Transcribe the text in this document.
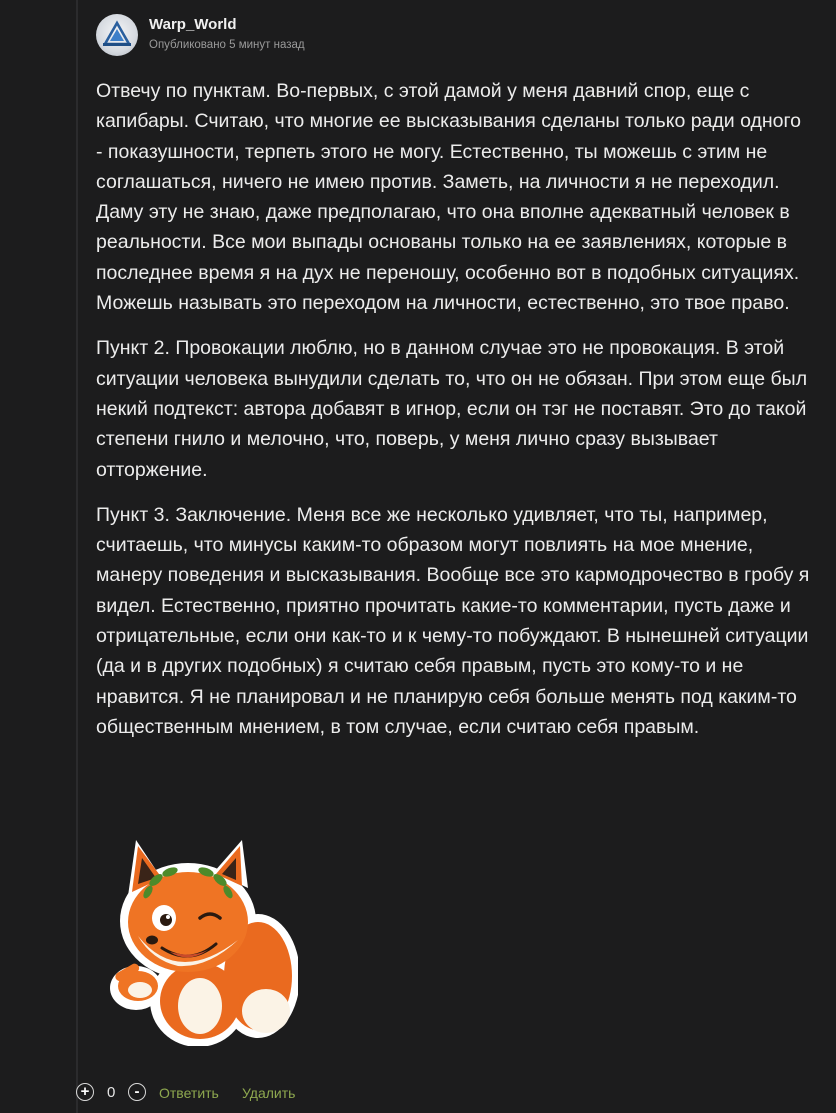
Warp_World
Опубликовано 5 минут назад

Отвечу по пунктам. Во-первых, с этой дамой у меня давний спор, еще с капибары. Считаю, что многие ее высказывания сделаны только ради одного - показушности, терпеть этого не могу. Естественно, ты можешь с этим не соглашаться, ничего не имею против. Заметь, на личности я не переходил. Даму эту не знаю, даже предполагаю, что она вполне адекватный человек в реальности. Все мои выпады основаны только на ее заявлениях, которые в последнее время я на дух не переношу, особенно вот в подобных ситуациях. Можешь называть это переходом на личности, естественно, это твое право.

Пункт 2. Провокации люблю, но в данном случае это не провокация. В этой ситуации человека вынудили сделать то, что он не обязан. При этом еще был некий подтекст: автора добавят в игнор, если он тэг не поставят. Это до такой степени гнило и мелочно, что, поверь, у меня лично сразу вызывает отторжение.

Пункт 3. Заключение. Меня все же несколько удивляет, что ты, например, считаешь, что минусы каким-то образом могут повлиять на мое мнение, манеру поведения и высказывания. Вообще все это кармодрочество в гробу я видел. Естественно, приятно прочитать какие-то комментарии, пусть даже и отрицательные, если они как-то и к чему-то побуждают. В нынешней ситуации (да и в других подобных) я считаю себя правым, пусть это кому-то и не нравится. Я не планировал и не планирую себя больше менять под каким-то общественным мнением, в том случае, если считаю себя правым.

+	0	-	Ответить Удалить
